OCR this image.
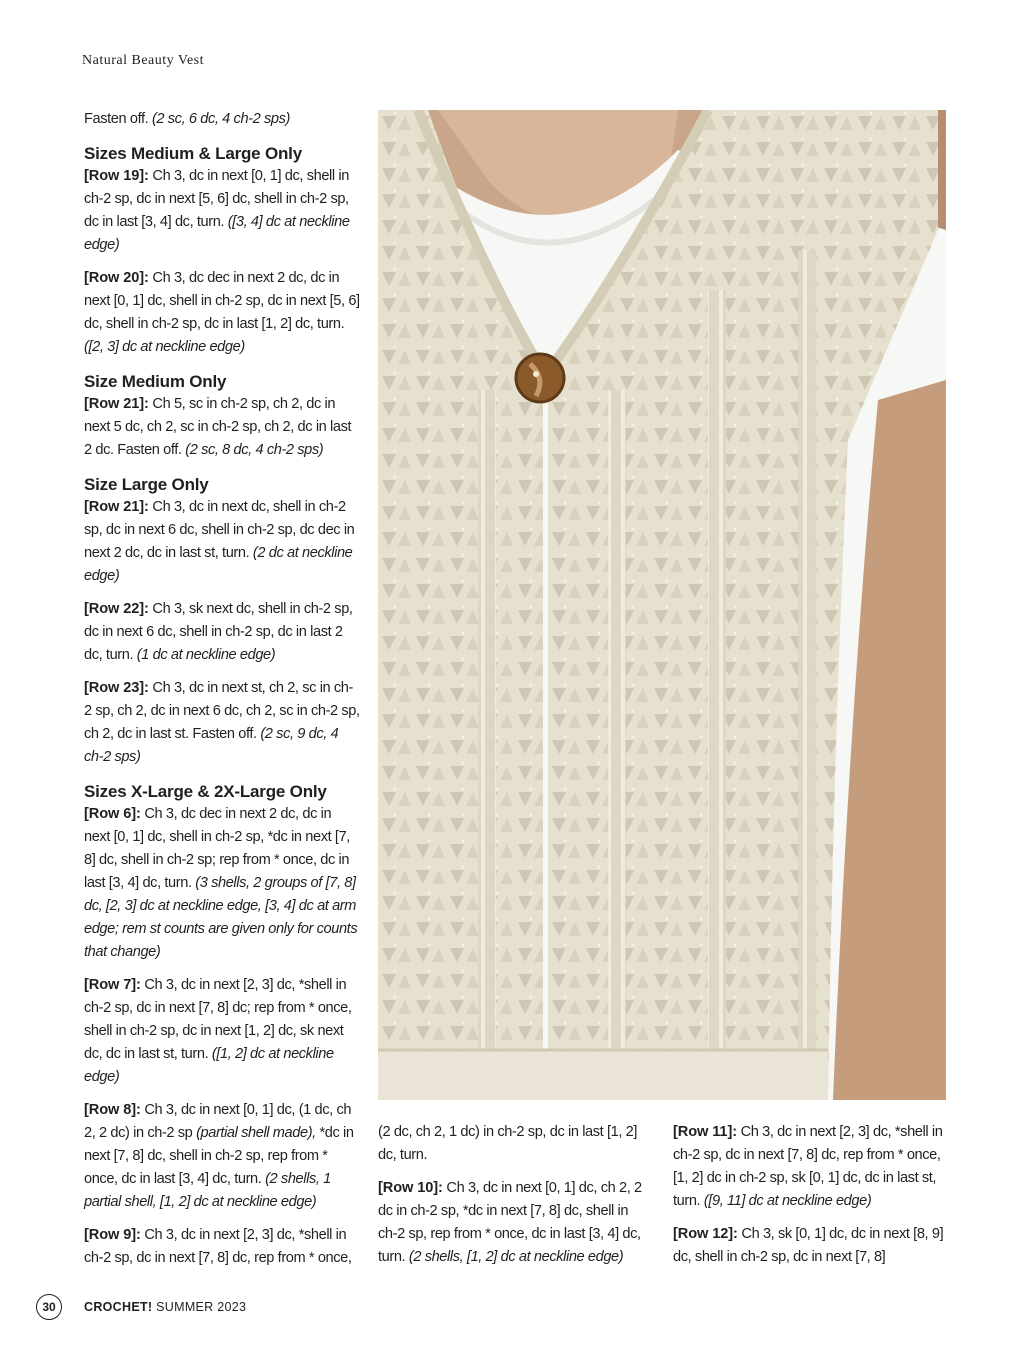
Natural Beauty Vest

Fasten off. (2 sc, 6 dc, 4 ch-2 sps)

Sizes Medium & Large Only

[Row 19]: Ch 3, dc in next [0, 1] dc, shell in ch-2 sp, dc in next [5, 6] dc, shell in ch-2 sp, dc in last [3, 4] dc, turn. ([3, 4] dc at neckline edge)

[Row 20]: Ch 3, dc dec in next 2 dc, dc in next [0, 1] dc, shell in ch-2 sp, dc in next [5, 6] dc, shell in ch-2 sp, dc in last [1, 2] dc, turn. ([2, 3] dc at neckline edge)

Size Medium Only

[Row 21]: Ch 5, sc in ch-2 sp, ch 2, dc in next 5 dc, ch 2, sc in ch-2 sp, ch 2, dc in last 2 dc. Fasten off. (2 sc, 8 dc, 4 ch-2 sps)

Size Large Only

[Row 21]: Ch 3, dc in next dc, shell in ch-2 sp, dc in next 6 dc, shell in ch-2 sp, dc dec in next 2 dc, dc in last st, turn. (2 dc at neckline edge)

[Row 22]: Ch 3, sk next dc, shell in ch-2 sp, dc in next 6 dc, shell in ch-2 sp, dc in last 2 dc, turn. (1 dc at neckline edge)

[Row 23]: Ch 3, dc in next st, ch 2, sc in ch-2 sp, ch 2, dc in next 6 dc, ch 2, sc in ch-2 sp, ch 2, dc in last st. Fasten off. (2 sc, 9 dc, 4 ch-2 sps)

Sizes X-Large & 2X-Large Only

[Row 6]: Ch 3, dc dec in next 2 dc, dc in next [0, 1] dc, shell in ch-2 sp, *dc in next [7, 8] dc, shell in ch-2 sp; rep from * once, dc in last [3, 4] dc, turn. (3 shells, 2 groups of [7, 8] dc, [2, 3] dc at neckline edge, [3, 4] dc at arm edge; rem st counts are given only for counts that change)

[Row 7]: Ch 3, dc in next [2, 3] dc, *shell in ch-2 sp, dc in next [7, 8] dc; rep from * once, shell in ch-2 sp, dc in next [1, 2] dc, sk next dc, dc in last st, turn. ([1, 2] dc at neckline edge)

[Row 8]: Ch 3, dc in next [0, 1] dc, (1 dc, ch 2, 2 dc) in ch-2 sp (partial shell made), *dc in next [7, 8] dc, shell in ch-2 sp, rep from * once, dc in last [3, 4] dc, turn. (2 shells, 1 partial shell, [1, 2] dc at neckline edge)

[Row 9]: Ch 3, dc in next [2, 3] dc, *shell in ch-2 sp, dc in next [7, 8] dc, rep from * once,

(2 dc, ch 2, 1 dc) in ch-2 sp, dc in last [1, 2] dc, turn.

[Row 10]: Ch 3, dc in next [0, 1] dc, ch 2, 2 dc in ch-2 sp, *dc in next [7, 8] dc, shell in ch-2 sp, rep from * once, dc in last [3, 4] dc, turn. (2 shells, [1, 2] dc at neckline edge)

[Row 11]: Ch 3, dc in next [2, 3] dc, *shell in ch-2 sp, dc in next [7, 8] dc, rep from * once, [1, 2] dc in ch-2 sp, sk [0, 1] dc, dc in last st, turn. ([9, 11] dc at neckline edge)

[Row 12]: Ch 3, sk [0, 1] dc, dc in next [8, 9] dc, shell in ch-2 sp, dc in next [7, 8]

30	CROCHET! SUMMER 2023
